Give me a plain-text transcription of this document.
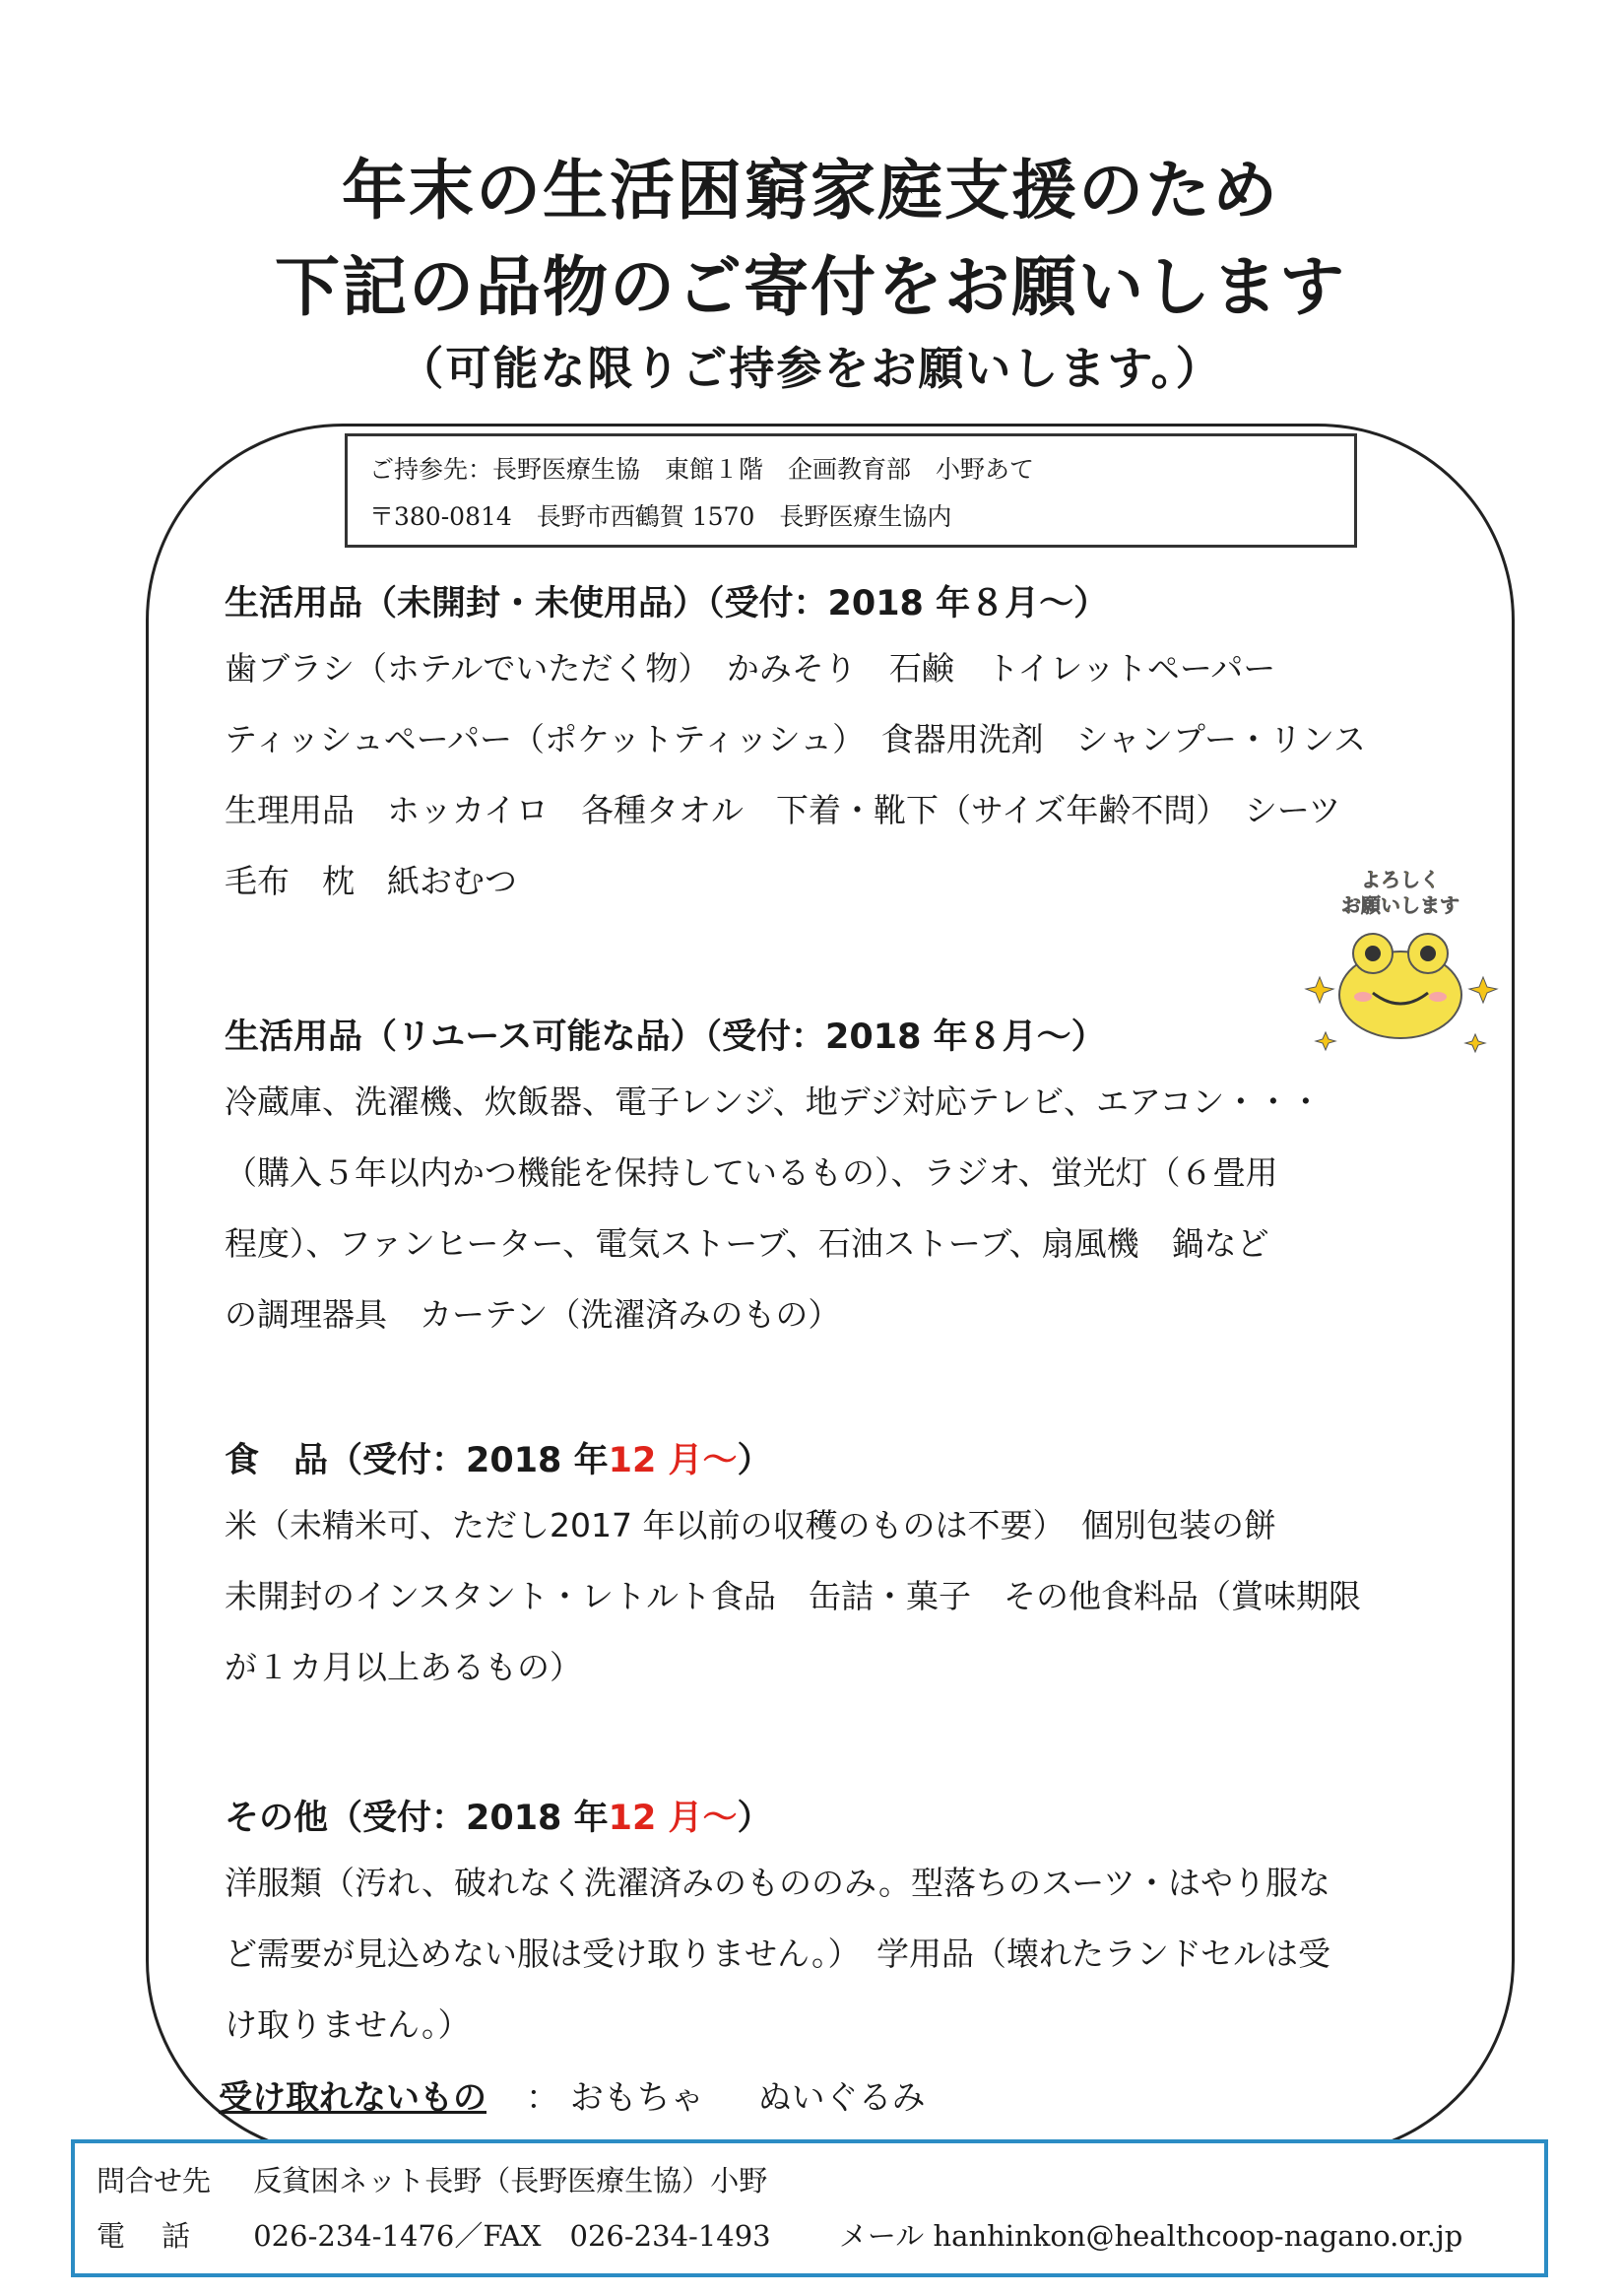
年末の生活困窮家庭支援のため
下記の品物のご寄付をお願いします
（可能な限りご持参をお願いします。）
ご持参先：長野医療生協　東館１階　企画教育部　小野あて
〒380-0814　長野市西鶴賀 1570　長野医療生協内
生活用品（未開封・未使用品）（受付：2018 年８月～）
歯ブラシ（ホテルでいただく物）　かみそり　石鹸　トイレットペーパー
ティッシュペーパー（ポケットティッシュ）　食器用洗剤　シャンプー・リンス
生理用品　ホッカイロ　各種タオル　下着・靴下（サイズ年齢不問）　シーツ
毛布　枕　紙おむつ	よろしく
お願いします
生活用品（リユース可能な品）（受付：2018 年８月～）
冷蔵庫、洗濯機、炊飯器、電子レンジ、地デジ対応テレビ、エアコン・・・
（購入５年以内かつ機能を保持しているもの）、ラジオ、蛍光灯（６畳用
程度）、ファンヒーター、電気ストーブ、石油ストーブ、扇風機　鍋など
の調理器具　カーテン（洗濯済みのもの）
食　品（受付：2018 年12 月～）
米（未精米可、ただし2017 年以前の収穫のものは不要）　個別包装の餅
未開封のインスタント・レトルト食品　缶詰・菓子　その他食料品（賞味期限
が１カ月以上あるもの）
その他（受付：2018 年12 月～）
洋服類（汚れ、破れなく洗濯済みのもののみ。型落ちのスーツ・はやり服な
ど需要が見込めない服は受け取りません。）　学用品（壊れたランドセルは受
け取りません。）
受け取れないもの ： おもちゃ ぬいぐるみ
問合せ先 反貧困ネット長野（長野医療生協）小野
電　話 026-234-1476／FAX　026-234-1493 メール hanhinkon@healthcoop-nagano.or.jp
